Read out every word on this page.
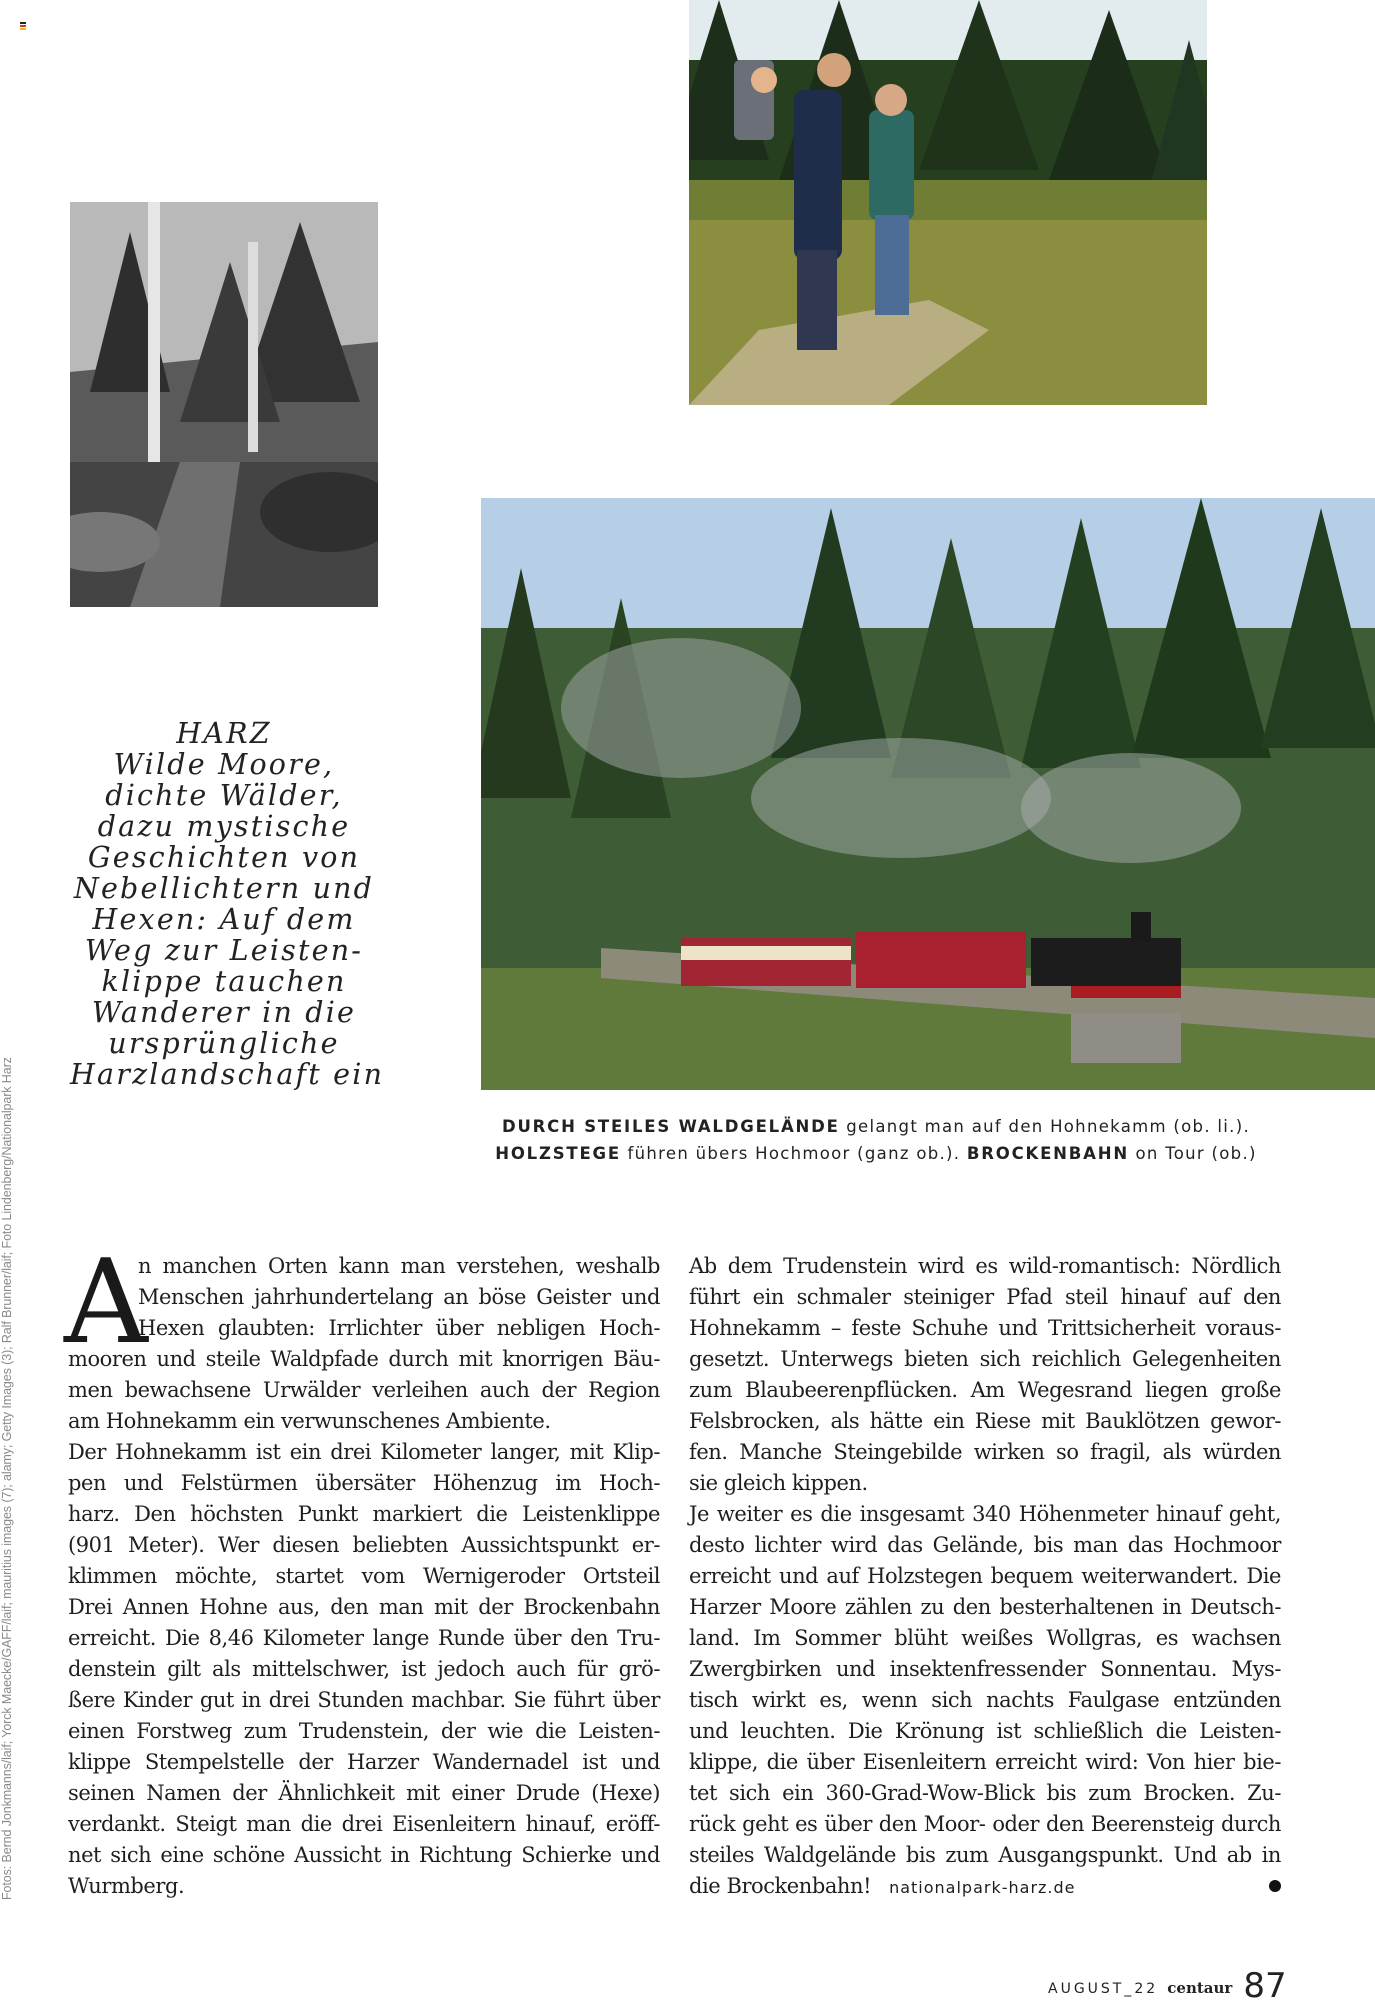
Fotos: Bernd Jonkmanns/laif; Yorck Maecke/GAFF/laif; mauritius images (7); alamy; Getty Images (3); Ralf Brunner/laif; Foto Lindenberg/Nationalpark Harz
HARZ
Wilde Moore,
dichte Wälder,
dazu mystische
Geschichten von
Nebellichtern und
Hexen: Auf dem
Weg zur Leisten-
klippe tauchen
Wanderer in die
ursprüngliche
Harzlandschaft ein
DURCH STEILES WALDGELÄNDE gelangt man auf den Hohnekamm (ob. li.).
HOLZSTEGE führen übers Hochmoor (ganz ob.). BROCKENBAHN on Tour (ob.)
A
n manchen Orten kann man verstehen, weshalb
Menschen jahrhundertelang an böse Geister und
Hexen glaubten: Irrlichter über nebligen Hoch-
mooren und steile Waldpfade durch mit knorrigen Bäu-
men bewachsene Urwälder verleihen auch der Region
am Hohnekamm ein verwunschenes Ambiente.
Der Hohnekamm ist ein drei Kilometer langer, mit Klip-
pen und Felstürmen übersäter Höhenzug im Hoch-
harz. Den höchsten Punkt markiert die Leistenklippe
(901 Meter). Wer diesen beliebten Aussichtspunkt er-
klimmen möchte, startet vom Wernigeroder Ortsteil
Drei Annen Hohne aus, den man mit der Brockenbahn
erreicht. Die 8,46 Kilometer lange Runde über den Tru-
denstein gilt als mittelschwer, ist jedoch auch für grö-
ßere Kinder gut in drei Stunden machbar. Sie führt über
einen Forstweg zum Trudenstein, der wie die Leisten-
klippe Stempelstelle der Harzer Wandernadel ist und
seinen Namen der Ähnlichkeit mit einer Drude (Hexe)
verdankt. Steigt man die drei Eisenleitern hinauf, eröff-
net sich eine schöne Aussicht in Richtung Schierke und
Wurmberg.
Ab dem Trudenstein wird es wild-romantisch: Nördlich
führt ein schmaler steiniger Pfad steil hinauf auf den
Hohnekamm – feste Schuhe und Trittsicherheit voraus-
gesetzt. Unterwegs bieten sich reichlich Gelegenheiten
zum Blaubeerenpflücken. Am Wegesrand liegen große
Felsbrocken, als hätte ein Riese mit Bauklötzen gewor-
fen. Manche Steingebilde wirken so fragil, als würden
sie gleich kippen.
Je weiter es die insgesamt 340 Höhenmeter hinauf geht,
desto lichter wird das Gelände, bis man das Hochmoor
erreicht und auf Holzstegen bequem weiterwandert. Die
Harzer Moore zählen zu den besterhaltenen in Deutsch-
land. Im Sommer blüht weißes Wollgras, es wachsen
Zwergbirken und insektenfressender Sonnentau. Mys-
tisch wirkt es, wenn sich nachts Faulgase entzünden
und leuchten. Die Krönung ist schließlich die Leisten-
klippe, die über Eisenleitern erreicht wird: Von hier bie-
tet sich ein 360-Grad-Wow-Blick bis zum Brocken. Zu-
rück geht es über den Moor- oder den Beerensteig durch
steiles Waldgelände bis zum Ausgangspunkt. Und ab in
die Brockenbahn! nationalpark-harz.de
AUGUST_22 centaur 87
